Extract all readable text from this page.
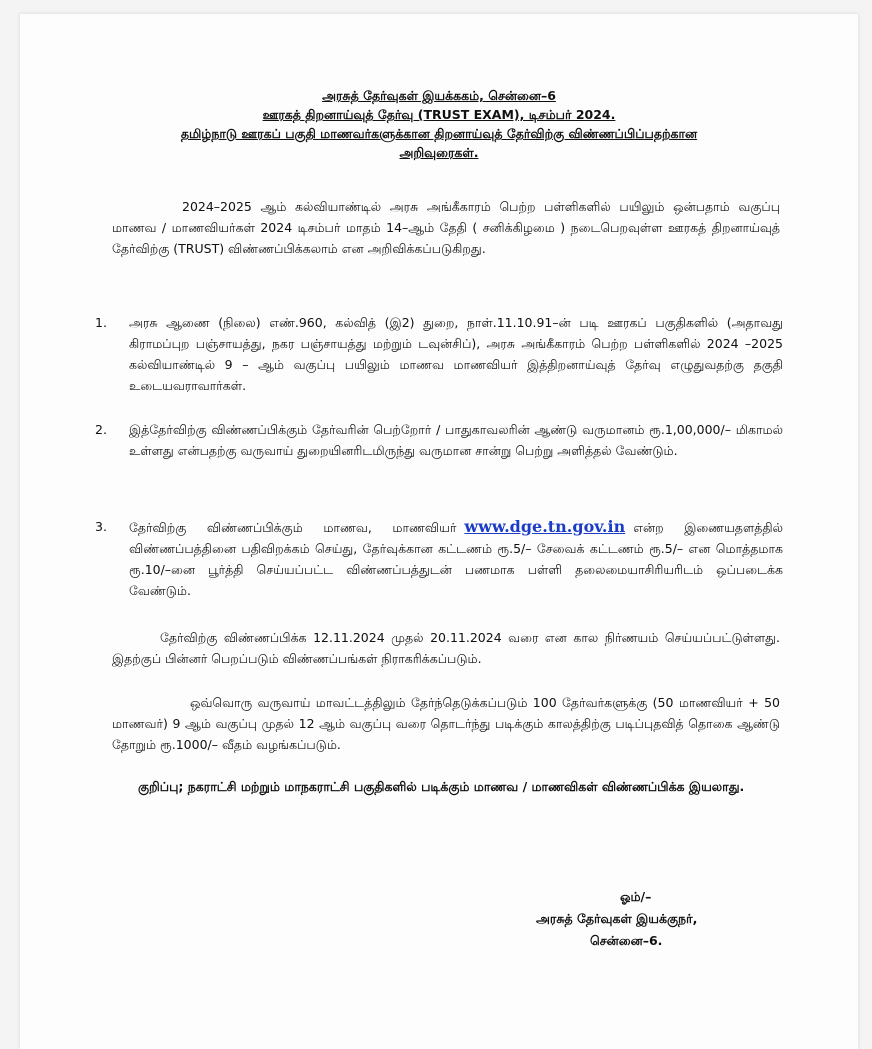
அரசுத் தேர்வுகள் இயக்ககம், சென்னை–6
ஊரகத் திறனாய்வுத் தேர்வு (TRUST EXAM), டிசம்பர் 2024.
தமிழ்நாடு ஊரகப் பகுதி மாணவர்களுக்கான திறனாய்வுத் தேர்விற்கு விண்ணப்பிப்பதற்கான அறிவுரைகள்.
2024–2025 ஆம் கல்வியாண்டில் அரசு அங்கீகாரம் பெற்ற பள்ளிகளில் பயிலும் ஒன்பதாம் வகுப்பு மாணவ / மாணவியர்கள் 2024 டிசம்பர் மாதம் 14–ஆம் தேதி ( சனிக்கிழமை ) நடைபெறவுள்ள ஊரகத் திறனாய்வுத் தேர்விற்கு (TRUST) விண்ணப்பிக்கலாம் என அறிவிக்கப்படுகிறது.
1.	அரசு ஆணை (நிலை) எண்.960, கல்வித் (இ2) துறை, நாள்.11.10.91–ன் படி ஊரகப் பகுதிகளில் (அதாவது கிராமப்புற பஞ்சாயத்து, நகர பஞ்சாயத்து மற்றும் டவுன்சிப்), அரசு அங்கீகாரம் பெற்ற பள்ளிகளில் 2024 –2025 கல்வியாண்டில் 9 – ஆம் வகுப்பு பயிலும் மாணவ மாணவியர் இத்திறனாய்வுத் தேர்வு எழுதுவதற்கு தகுதி உடையவராவார்கள்.
2.	இத்தேர்விற்கு விண்ணப்பிக்கும் தேர்வரின் பெற்றோர் / பாதுகாவலரின் ஆண்டு வருமானம் ரூ.1,00,000/– மிகாமல் உள்ளது என்பதற்கு வருவாய் துறையினரிடமிருந்து வருமான சான்று பெற்று அளித்தல் வேண்டும்.
3.	தேர்விற்கு விண்ணப்பிக்கும் மாணவ, மாணவியர் www.dge.tn.gov.in என்ற இணையதளத்தில் விண்ணப்பத்தினை பதிவிறக்கம் செய்து, தேர்வுக்கான கட்டணம் ரூ.5/– சேவைக் கட்டணம் ரூ.5/– என மொத்தமாக ரூ.10/–னை பூர்த்தி செய்யப்பட்ட விண்ணப்பத்துடன் பணமாக பள்ளி தலைமையாசிரியரிடம் ஒப்படைக்க வேண்டும்.
தேர்விற்கு விண்ணப்பிக்க 12.11.2024 முதல் 20.11.2024 வரை என கால நிர்ணயம் செய்யப்பட்டுள்ளது. இதற்குப் பின்னர் பெறப்படும் விண்ணப்பங்கள் நிராகரிக்கப்படும்.
ஒவ்வொரு வருவாய் மாவட்டத்திலும் தேர்ந்தெடுக்கப்படும் 100 தேர்வர்களுக்கு (50 மாணவியர் + 50 மாணவர்) 9 ஆம் வகுப்பு முதல் 12 ஆம் வகுப்பு வரை தொடர்ந்து படிக்கும் காலத்திற்கு படிப்புதவித் தொகை ஆண்டு தோறும் ரூ.1000/– வீதம் வழங்கப்படும்.
குறிப்பு; நகராட்சி மற்றும் மாநகராட்சி பகுதிகளில் படிக்கும் மாணவ / மாணவிகள் விண்ணப்பிக்க இயலாது.
ஓம்/–
அரசுத் தேர்வுகள் இயக்குநர்,
சென்னை–6.
